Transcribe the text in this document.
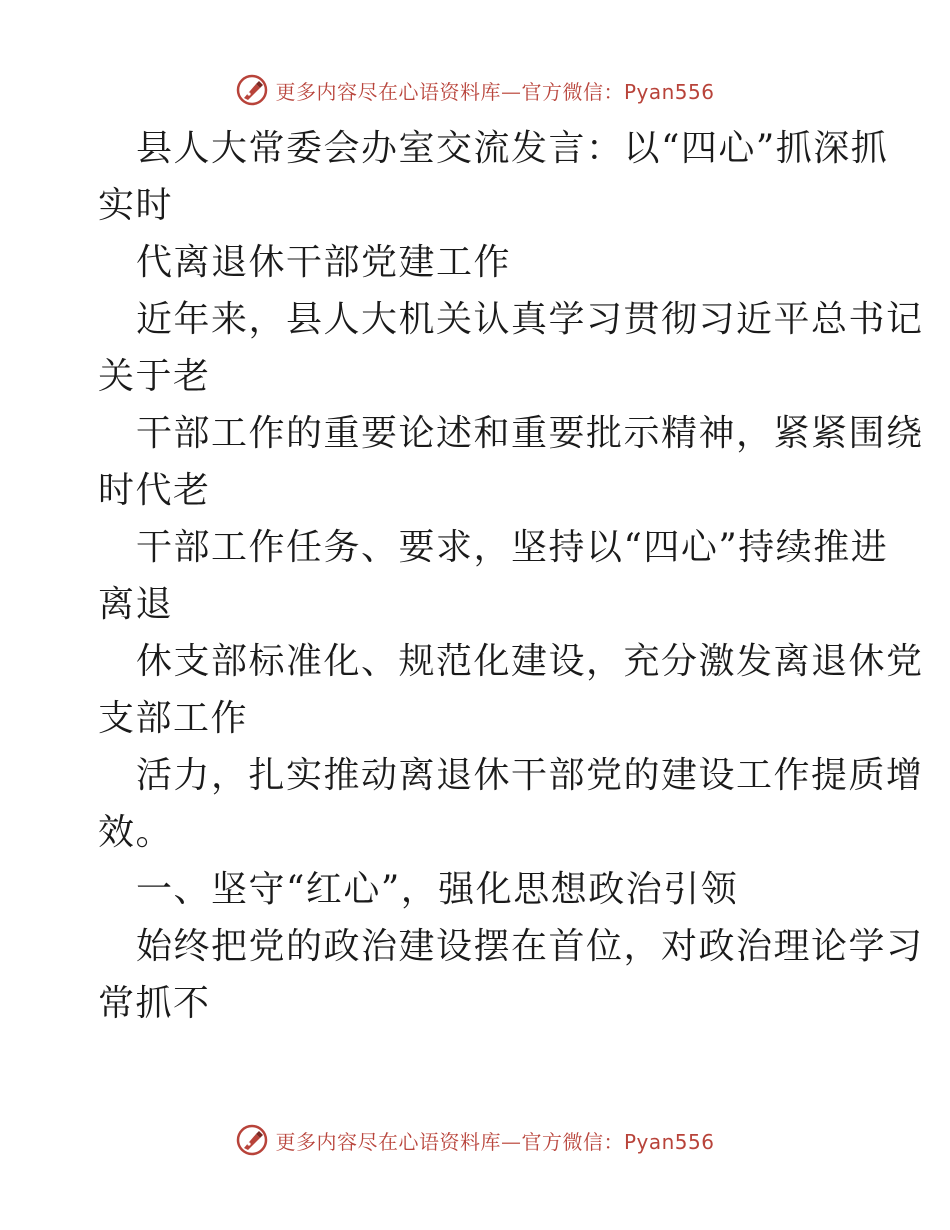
更多内容尽在心语资料库—官方微信：Pyan556
县人大常委会办室交流发言：以“四心”抓深抓
实时
代离退休干部党建工作
近年来，县人大机关认真学习贯彻习近平总书记
关于老
干部工作的重要论述和重要批示精神，紧紧围绕
时代老
干部工作任务、要求，坚持以“四心”持续推进
离退
休支部标准化、规范化建设，充分激发离退休党
支部工作
活力，扎实推动离退休干部党的建设工作提质增
效。
一、坚守“红心”，强化思想政治引领
始终把党的政治建设摆在首位，对政治理论学习
常抓不
更多内容尽在心语资料库—官方微信：Pyan556
